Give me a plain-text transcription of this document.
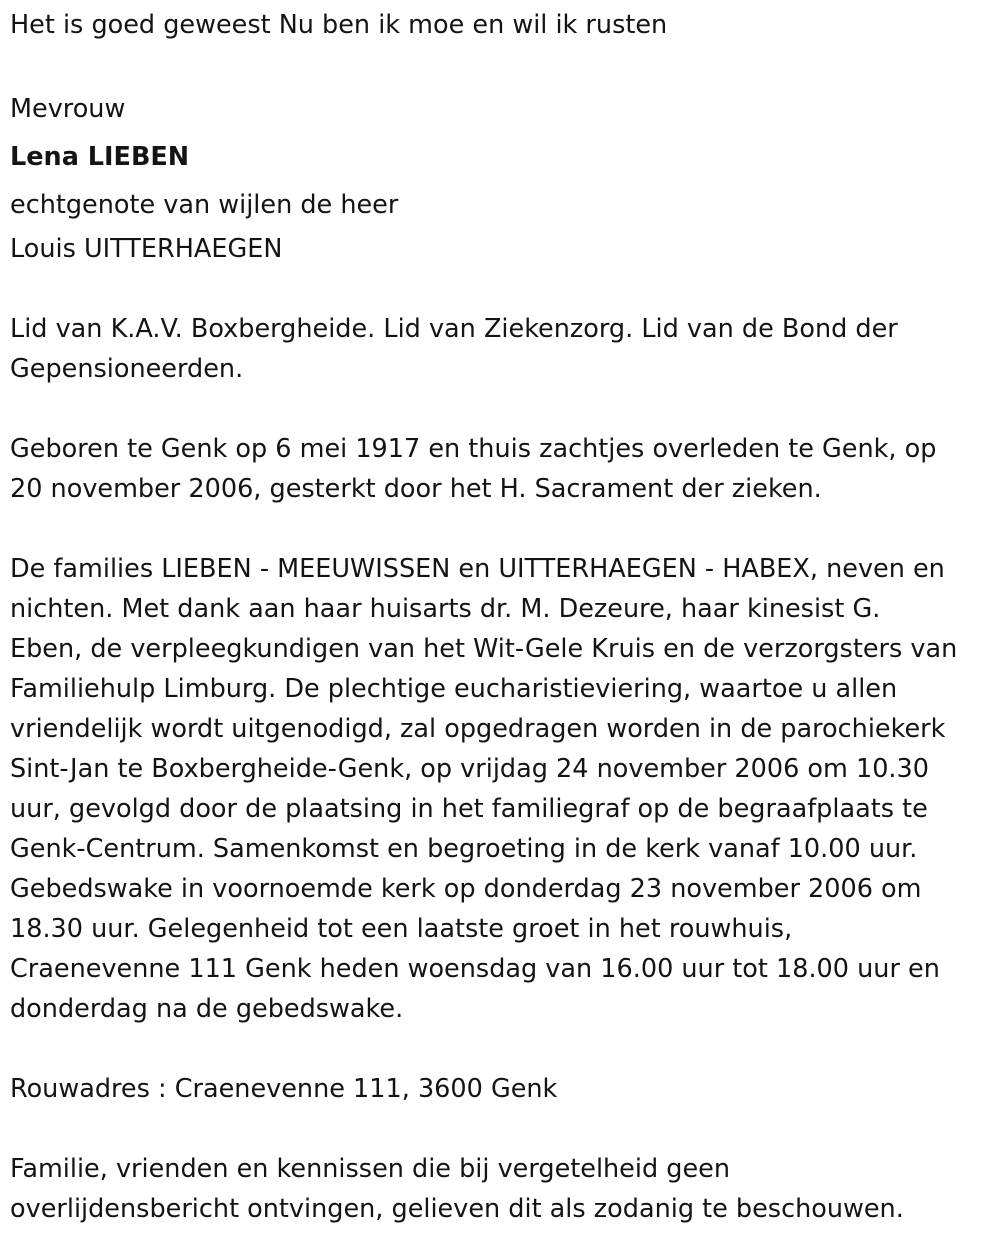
Het is goed geweest Nu ben ik moe en wil ik rusten
Mevrouw
Lena LIEBEN
echtgenote van wijlen de heer
Louis UITTERHAEGEN
Lid van K.A.V. Boxbergheide. Lid van Ziekenzorg. Lid van de Bond der
Gepensioneerden.
Geboren te Genk op 6 mei 1917 en thuis zachtjes overleden te Genk, op
20 november 2006, gesterkt door het H. Sacrament der zieken.
De families LIEBEN - MEEUWISSEN en UITTERHAEGEN - HABEX, neven en
nichten. Met dank aan haar huisarts dr. M. Dezeure, haar kinesist G.
Eben, de verpleegkundigen van het Wit-Gele Kruis en de verzorgsters van
Familiehulp Limburg. De plechtige eucharistieviering, waartoe u allen
vriendelijk wordt uitgenodigd, zal opgedragen worden in de parochiekerk
Sint-Jan te Boxbergheide-Genk, op vrijdag 24 november 2006 om 10.30
uur, gevolgd door de plaatsing in het familiegraf op de begraafplaats te
Genk-Centrum. Samenkomst en begroeting in de kerk vanaf 10.00 uur.
Gebedswake in voornoemde kerk op donderdag 23 november 2006 om
18.30 uur. Gelegenheid tot een laatste groet in het rouwhuis,
Craenevenne 111 Genk heden woensdag van 16.00 uur tot 18.00 uur en
donderdag na de gebedswake.
Rouwadres : Craenevenne 111, 3600 Genk
Familie, vrienden en kennissen die bij vergetelheid geen
overlijdensbericht ontvingen, gelieven dit als zodanig te beschouwen.
